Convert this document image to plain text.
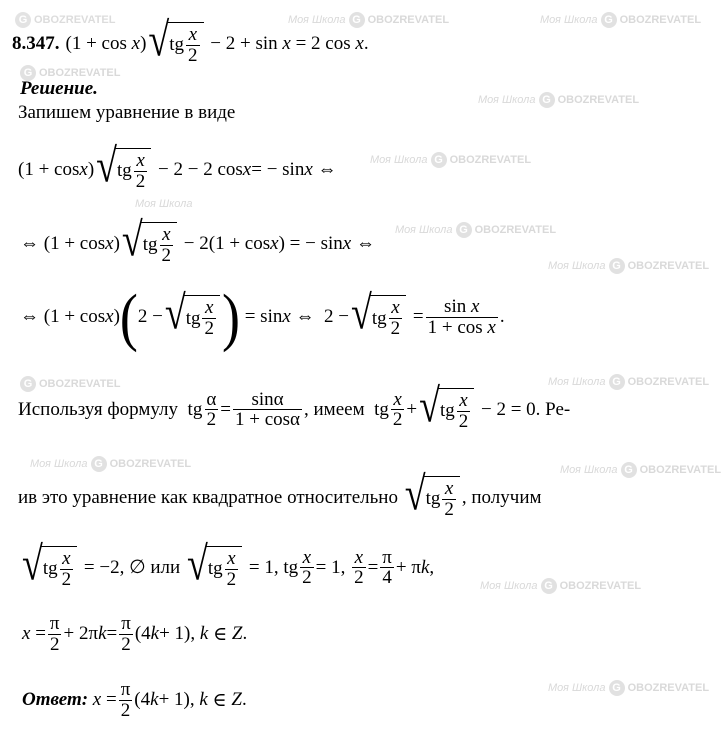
G OBOZREVATEL	Моя Школа G OBOZREVATEL	Моя Школа G OBOZREVATEL
G OBOZREVATEL
Моя Школа G OBOZREVATEL
Моя Школа G OBOZREVATEL
Моя Школа
Моя Школа G OBOZREVATEL
Моя Школа G OBOZREVATEL
G OBOZREVATEL	Моя Школа G OBOZREVATEL
Моя Школа G OBOZREVATEL	Моя Школа G OBOZREVATEL
Моя Школа G OBOZREVATEL
Моя Школа G OBOZREVATEL
8.347. (1 + cos x) √ tg $\frac{x}{2} - 2 + \sin x = 2$ cos x.
Решение.
Запишем уравнение в виде
(1 + cos x ) √ tg $\frac{x}{2} - 2 - 2$ cos x = − sin x
⇔
⇔ (1 + cos x ) √ tg $\frac{x}{2} - 2(1 + \cos x$ ) = − sin x
⇔
⇔ (1 + cos x ) ( 2 − √ tg $\frac{x}{2}$ ) = sin x
⇔ 2 − √ tg $\frac{x}{2} = \frac{\text{sin x}}{\text{1 + cos x}}$ .
Используя формулу tg $\frac{\alpha}{2} = \frac{\sin\alpha}{1 + \cos\alpha}$ , имеем tg $\frac{x}{2}$ + √ tg $\frac{x}{2}$
− 2 = 0. Ре-
ив это уравнение как квадратное относительно
√ tg $\frac{x}{2}$ , получим
√ tg $\frac{x}{2} = -2$, ∅ или √ tg $\frac{x}{2} = 1$, tg $\frac{x}{2} = 1$, $\frac{x}{2} = \frac{\pi}{4} + \pi$ k ,
$x = \frac{\pi}{2} + 2\pi$ $k = \frac{\pi}{2} (4$ k + 1), k
∈
Z .
Ответ:
$x = \frac{\pi}{2} (4$ k + 1), k
∈
Z .
